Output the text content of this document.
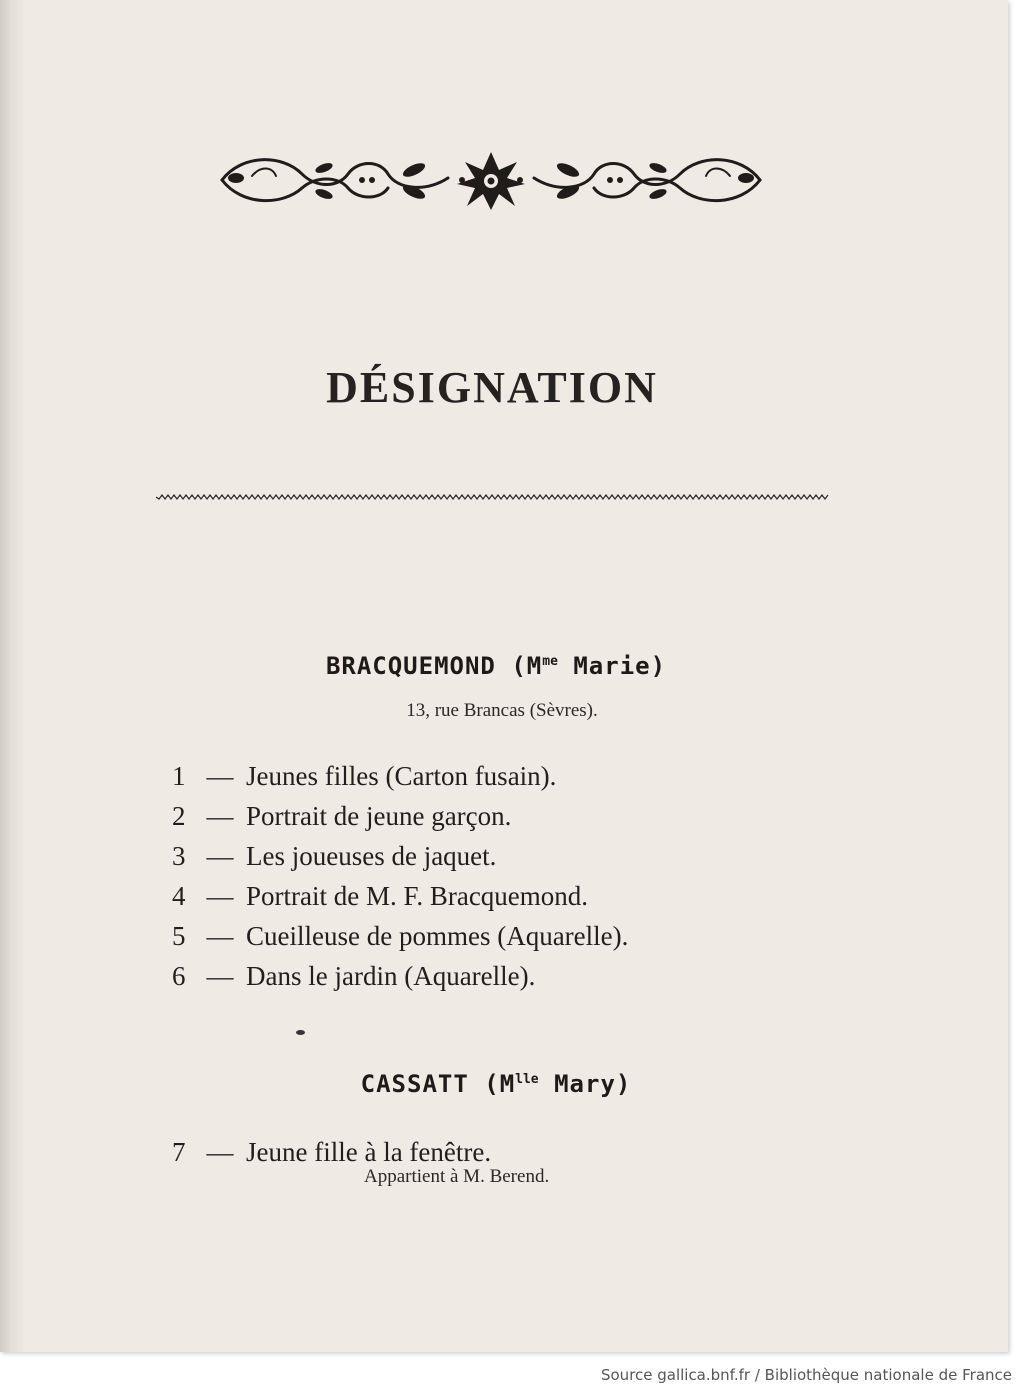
DÉSIGNATION
BRACQUEMOND ($M^{me}$ Marie)
13, rue Brancas (Sèvres).
1 — Jeunes filles (Carton fusain).
2 — Portrait de jeune garçon.
3 — Les joueuses de jaquet.
4 — Portrait de M. F. Bracquemond.
5 — Cueilleuse de pommes (Aquarelle).
6 — Dans le jardin (Aquarelle).
CASSATT ($M^{lle}$ Mary)
7 — Jeune fille à la fenêtre.
Appartient à M. Berend.
Source gallica.bnf.fr / Bibliothèque nationale de France
